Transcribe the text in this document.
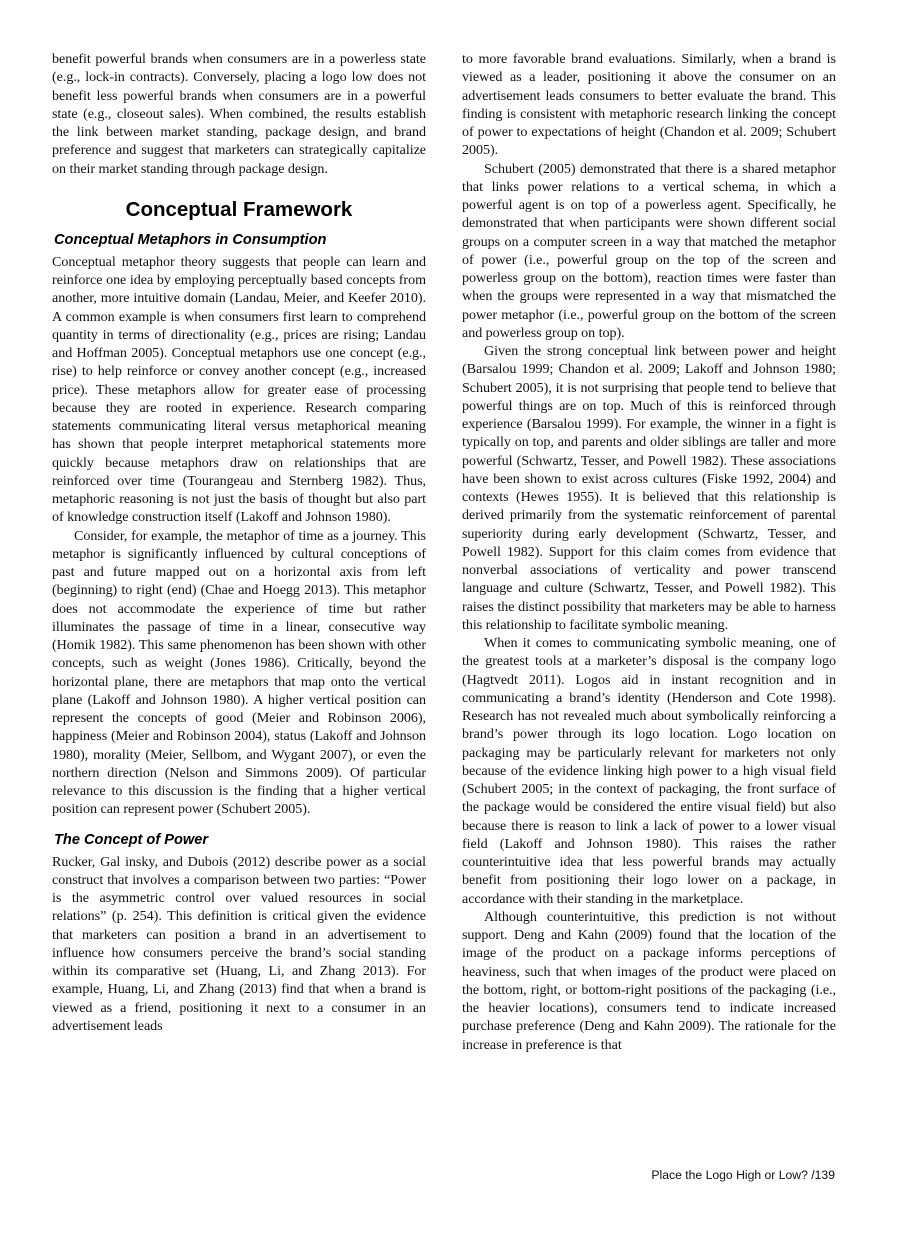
benefit powerful brands when consumers are in a powerless state (e.g., lock-in contracts). Conversely, placing a logo low does not benefit less powerful brands when consumers are in a powerful state (e.g., closeout sales). When combined, the results establish the link between market standing, package design, and brand preference and suggest that marketers can strategically capitalize on their market standing through package design.

Conceptual Framework
Conceptual Metaphors in Consumption

Conceptual metaphor theory suggests that people can learn and reinforce one idea by employing perceptually based concepts from another, more intuitive domain (Landau, Meier, and Keefer 2010). A common example is when consumers first learn to comprehend quantity in terms of directionality (e.g., prices are rising; Landau and Hoffman 2005). Conceptual metaphors use one concept (e.g., rise) to help reinforce or convey another concept (e.g., increased price). These metaphors allow for greater ease of processing because they are rooted in experience. Research comparing statements communicating literal versus metaphorical meaning has shown that people interpret metaphorical statements more quickly because metaphors draw on relationships that are reinforced over time (Tourangeau and Sternberg 1982). Thus, metaphoric reasoning is not just the basis of thought but also part of knowledge construction itself (Lakoff and Johnson 1980).

Consider, for example, the metaphor of time as a journey. This metaphor is significantly influenced by cultural conceptions of past and future mapped out on a horizontal axis from left (beginning) to right (end) (Chae and Hoegg 2013). This metaphor does not accommodate the experience of time but rather illuminates the passage of time in a linear, consecutive way (Homik 1982). This same phenomenon has been shown with other concepts, such as weight (Jones 1986). Critically, beyond the horizontal plane, there are metaphors that map onto the vertical plane (Lakoff and Johnson 1980). A higher vertical position can represent the concepts of good (Meier and Robinson 2006), happiness (Meier and Robinson 2004), status (Lakoff and Johnson 1980), morality (Meier, Sellbom, and Wygant 2007), or even the northern direction (Nelson and Simmons 2009). Of particular relevance to this discussion is the finding that a higher vertical position can represent power (Schubert 2005).

The Concept of Power

Rucker, Gal insky, and Dubois (2012) describe power as a social construct that involves a comparison between two parties: “Power is the asymmetric control over valued resources in social relations” (p. 254). This definition is critical given the evidence that marketers can position a brand in an advertisement to influence how consumers perceive the brand’s social standing within its comparative set (Huang, Li, and Zhang 2013). For example, Huang, Li, and Zhang (2013) find that when a brand is viewed as a friend, positioning it next to a consumer in an advertisement leads

to more favorable brand evaluations. Similarly, when a brand is viewed as a leader, positioning it above the consumer on an advertisement leads consumers to better evaluate the brand. This finding is consistent with metaphoric research linking the concept of power to expectations of height (Chandon et al. 2009; Schubert 2005).

Schubert (2005) demonstrated that there is a shared metaphor that links power relations to a vertical schema, in which a powerful agent is on top of a powerless agent. Specifically, he demonstrated that when participants were shown different social groups on a computer screen in a way that matched the metaphor of power (i.e., powerful group on the top of the screen and powerless group on the bottom), reaction times were faster than when the groups were represented in a way that mismatched the power metaphor (i.e., powerful group on the bottom of the screen and powerless group on top).

Given the strong conceptual link between power and height (Barsalou 1999; Chandon et al. 2009; Lakoff and Johnson 1980; Schubert 2005), it is not surprising that people tend to believe that powerful things are on top. Much of this is reinforced through experience (Barsalou 1999). For example, the winner in a fight is typically on top, and parents and older siblings are taller and more powerful (Schwartz, Tesser, and Powell 1982). These associations have been shown to exist across cultures (Fiske 1992, 2004) and contexts (Hewes 1955). It is believed that this relationship is derived primarily from the systematic reinforcement of parental superiority during early development (Schwartz, Tesser, and Powell 1982). Support for this claim comes from evidence that nonverbal associations of verticality and power transcend language and culture (Schwartz, Tesser, and Powell 1982). This raises the distinct possibility that marketers may be able to harness this relationship to facilitate symbolic meaning.

When it comes to communicating symbolic meaning, one of the greatest tools at a marketer’s disposal is the company logo (Hagtvedt 2011). Logos aid in instant recognition and in communicating a brand’s identity (Henderson and Cote 1998). Research has not revealed much about symbolically reinforcing a brand’s power through its logo location. Logo location on packaging may be particularly relevant for marketers not only because of the evidence linking high power to a high visual field (Schubert 2005; in the context of packaging, the front surface of the package would be considered the entire visual field) but also because there is reason to link a lack of power to a lower visual field (Lakoff and Johnson 1980). This raises the rather counterintuitive idea that less powerful brands may actually benefit from positioning their logo lower on a package, in accordance with their standing in the marketplace.

Although counterintuitive, this prediction is not without support. Deng and Kahn (2009) found that the location of the image of the product on a package informs perceptions of heaviness, such that when images of the product were placed on the bottom, right, or bottom-right positions of the packaging (i.e., the heavier locations), consumers tend to indicate increased purchase preference (Deng and Kahn 2009). The rationale for the increase in preference is that

Place the Logo High or Low? /139
